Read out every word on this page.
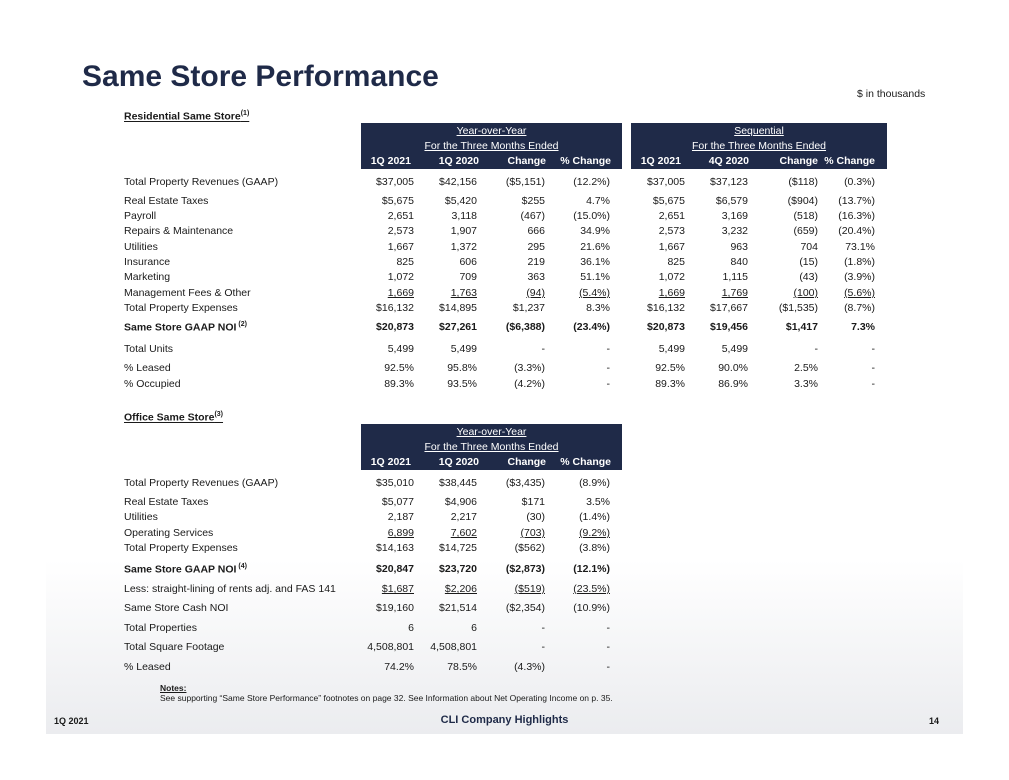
Same Store Performance
$ in thousands
Residential Same Store$^{(1)}$
Year-over-Year
For the Three Months Ended
1Q 2021	1Q 2020	Change	% Change
Sequential
For the Three Months Ended
1Q 2021	4Q 2020	Change % Change
Total Property Revenues (GAAP)	$37,005	$42,156	($5,151)	(12.2%)	$37,005	$37,123	($118)	(0.3%)
Real Estate Taxes	$5,675	$5,420	$255	4.7%	$5,675	$6,579	($904)	(13.7%)
Payroll	2,651	3,118	(467)	(15.0%)	2,651	3,169	(518)	(16.3%)
Repairs & Maintenance	2,573	1,907	666	34.9%	2,573	3,232	(659)	(20.4%)
Utilities	1,667	1,372	295	21.6%	1,667	963	704	73.1%
Insurance	825	606	219	36.1%	825	840	(15)	(1.8%)
Marketing	1,072	709	363	51.1%	1,072	1,115	(43)	(3.9%)
Management Fees & Other	1,669	1,763	(94)	(5.4%)	1,669	1,769	(100)	(5.6%)
Total Property Expenses	$16,132	$14,895	$1,237	8.3%	$16,132	$17,667	($1,535)	(8.7%)
Same Store GAAP NOI $^{(2)}$	$20,873	$27,261	($6,388)	(23.4%)	$20,873	$19,456	$1,417	7.3%
Total Units	5,499	5,499	-	-	5,499	5,499	-	-
% Leased	92.5%	95.8%	(3.3%)	-	92.5%	90.0%	2.5%	-
% Occupied	89.3%	93.5%	(4.2%)	-	89.3%	86.9%	3.3%	-
Office Same Store$^{(3)}$
Year-over-Year
For the Three Months Ended
1Q 2021	1Q 2020	Change	% Change
Total Property Revenues (GAAP)	$35,010	$38,445	($3,435)	(8.9%)
Real Estate Taxes	$5,077	$4,906	$171	3.5%
Utilities	2,187	2,217	(30)	(1.4%)
Operating Services	6,899	7,602	(703)	(9.2%)
Total Property Expenses	$14,163	$14,725	($562)	(3.8%)
Same Store GAAP NOI $^{(4)}$	$20,847	$23,720	($2,873)	(12.1%)
Less: straight-lining of rents adj. and FAS 141	$1,687	$2,206	($519)	(23.5%)
Same Store Cash NOI	$19,160	$21,514	($2,354)	(10.9%)
Total Properties	6	6	-	-
Total Square Footage	4,508,801	4,508,801	-	-
% Leased	74.2%	78.5%	(4.3%)	-
Notes:
See supporting “Same Store Performance” footnotes on page 32. See Information about Net Operating Income on p. 35.
1Q 2021	CLI Company Highlights	14
